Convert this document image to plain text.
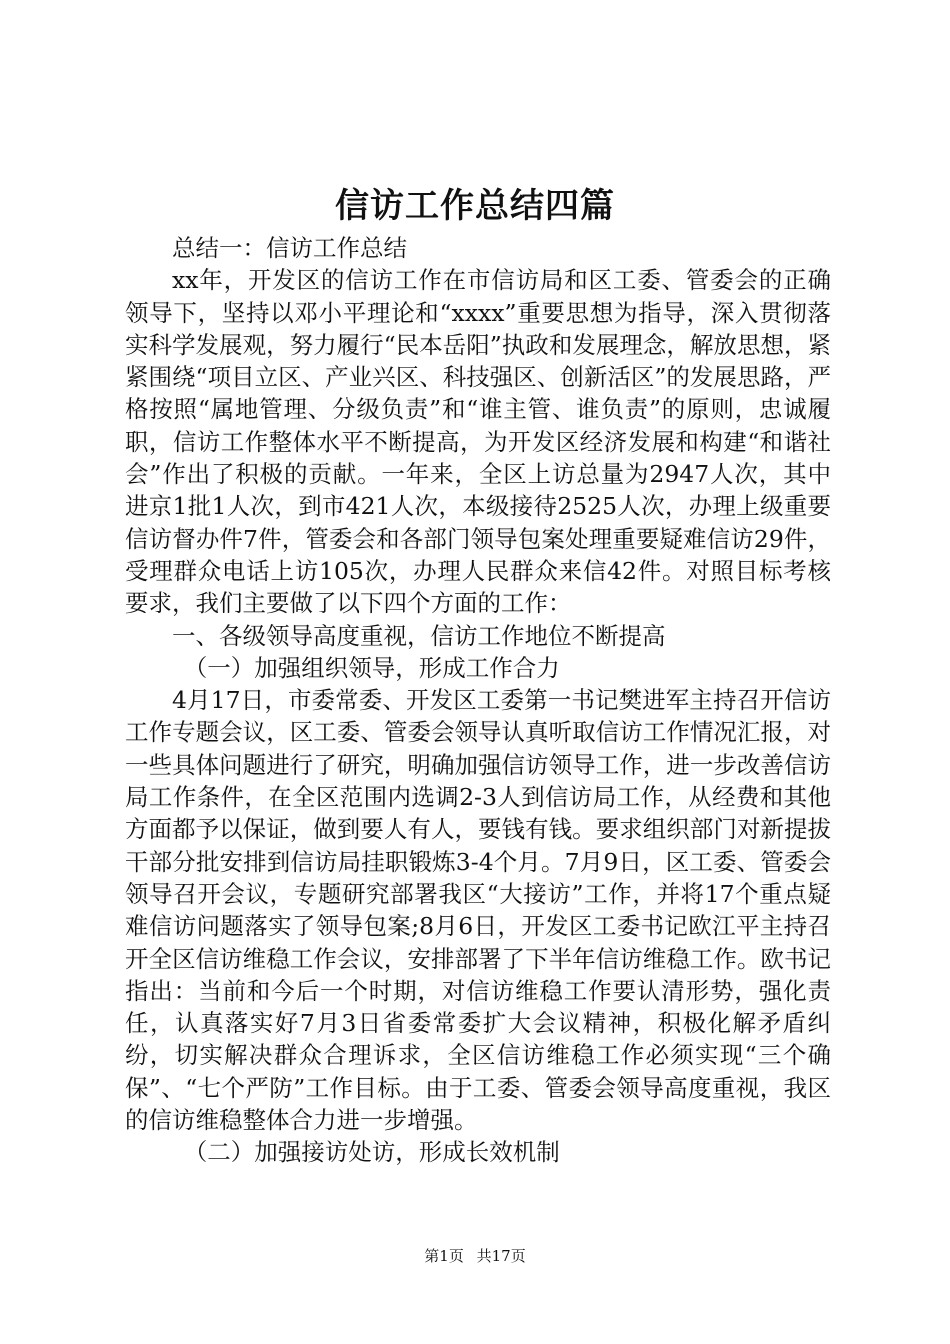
信访工作总结四篇

总结一：信访工作总结

xx年，开发区的信访工作在市信访局和区工委、管委会的正确领导下，坚持以邓小平理论和“xxxx”重要思想为指导，深入贯彻落实科学发展观，努力履行“民本岳阳”执政和发展理念，解放思想，紧紧围绕“项目立区、产业兴区、科技强区、创新活区”的发展思路，严格按照“属地管理、分级负责”和“谁主管、谁负责”的原则，忠诚履职，信访工作整体水平不断提高，为开发区经济发展和构建“和谐社会”作出了积极的贡献。一年来，全区上访总量为2947人次，其中进京1批1人次，到市421人次，本级接待2525人次，办理上级重要信访督办件7件，管委会和各部门领导包案处理重要疑难信访29件，受理群众电话上访105次，办理人民群众来信42件。对照目标考核要求，我们主要做了以下四个方面的工作：

一、各级领导高度重视，信访工作地位不断提高

（一）加强组织领导，形成工作合力

4月17日，市委常委、开发区工委第一书记樊进军主持召开信访工作专题会议，区工委、管委会领导认真听取信访工作情况汇报，对一些具体问题进行了研究，明确加强信访领导工作，进一步改善信访局工作条件，在全区范围内选调2-3人到信访局工作，从经费和其他方面都予以保证，做到要人有人，要钱有钱。要求组织部门对新提拔干部分批安排到信访局挂职锻炼3-4个月。7月9日，区工委、管委会领导召开会议，专题研究部署我区“大接访”工作，并将17个重点疑难信访问题落实了领导包案;8月6日，开发区工委书记欧江平主持召开全区信访维稳工作会议，安排部署了下半年信访维稳工作。欧书记指出：当前和今后一个时期，对信访维稳工作要认清形势，强化责任，认真落实好7月3日省委常委扩大会议精神，积极化解矛盾纠纷，切实解决群众合理诉求，全区信访维稳工作必须实现“三个确保”、“七个严防”工作目标。由于工委、管委会领导高度重视，我区的信访维稳整体合力进一步增强。

（二）加强接访处访，形成长效机制

第1页 共17页
